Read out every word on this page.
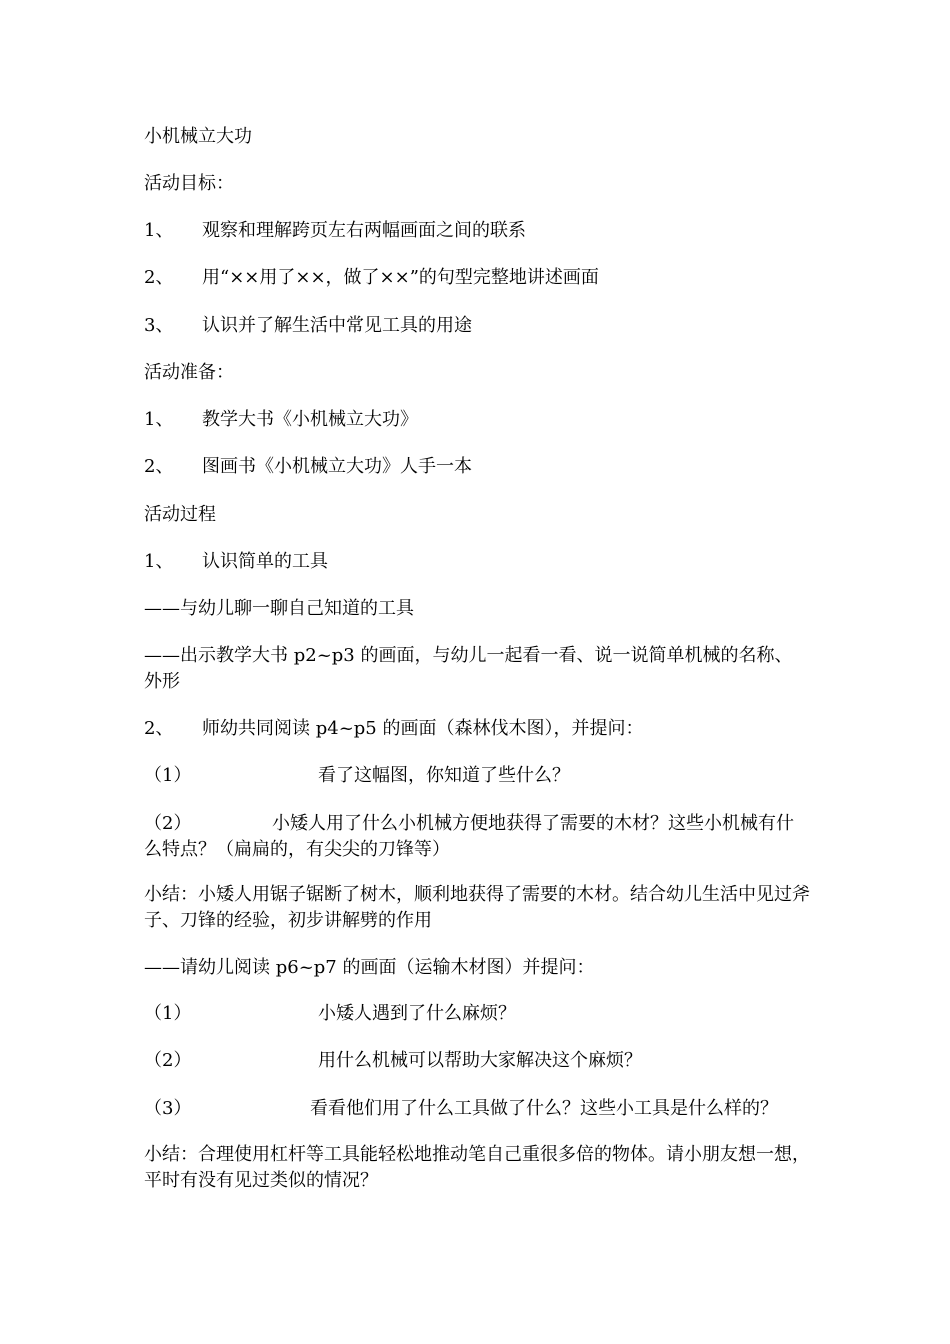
小机械立大功
活动目标：
1、 观察和理解跨页左右两幅画面之间的联系
2、 用“××用了××，做了××”的句型完整地讲述画面
3、 认识并了解生活中常见工具的用途
活动准备：
1、 教学大书《小机械立大功》
2、 图画书《小机械立大功》人手一本
活动过程
1、 认识简单的工具
——与幼儿聊一聊自己知道的工具
——出示教学大书 p2~p3 的画面，与幼儿一起看一看、说一说简单机械的名称、外形
2、 师幼共同阅读 p4~p5 的画面（森林伐木图），并提问：
（1）	看了这幅图，你知道了些什么？
（2）	小矮人用了什么小机械方便地获得了需要的木材？这些小机械有什么特点？（扁扁的，有尖尖的刀锋等）
小结：小矮人用锯子锯断了树木，顺利地获得了需要的木材。结合幼儿生活中见过斧子、刀锋的经验，初步讲解劈的作用
——请幼儿阅读 p6~p7 的画面（运输木材图）并提问：
（1）	小矮人遇到了什么麻烦？
（2）	用什么机械可以帮助大家解决这个麻烦？
（3）	看看他们用了什么工具做了什么？这些小工具是什么样的？
小结：合理使用杠杆等工具能轻松地推动笔自己重很多倍的物体。请小朋友想一想，平时有没有见过类似的情况？
